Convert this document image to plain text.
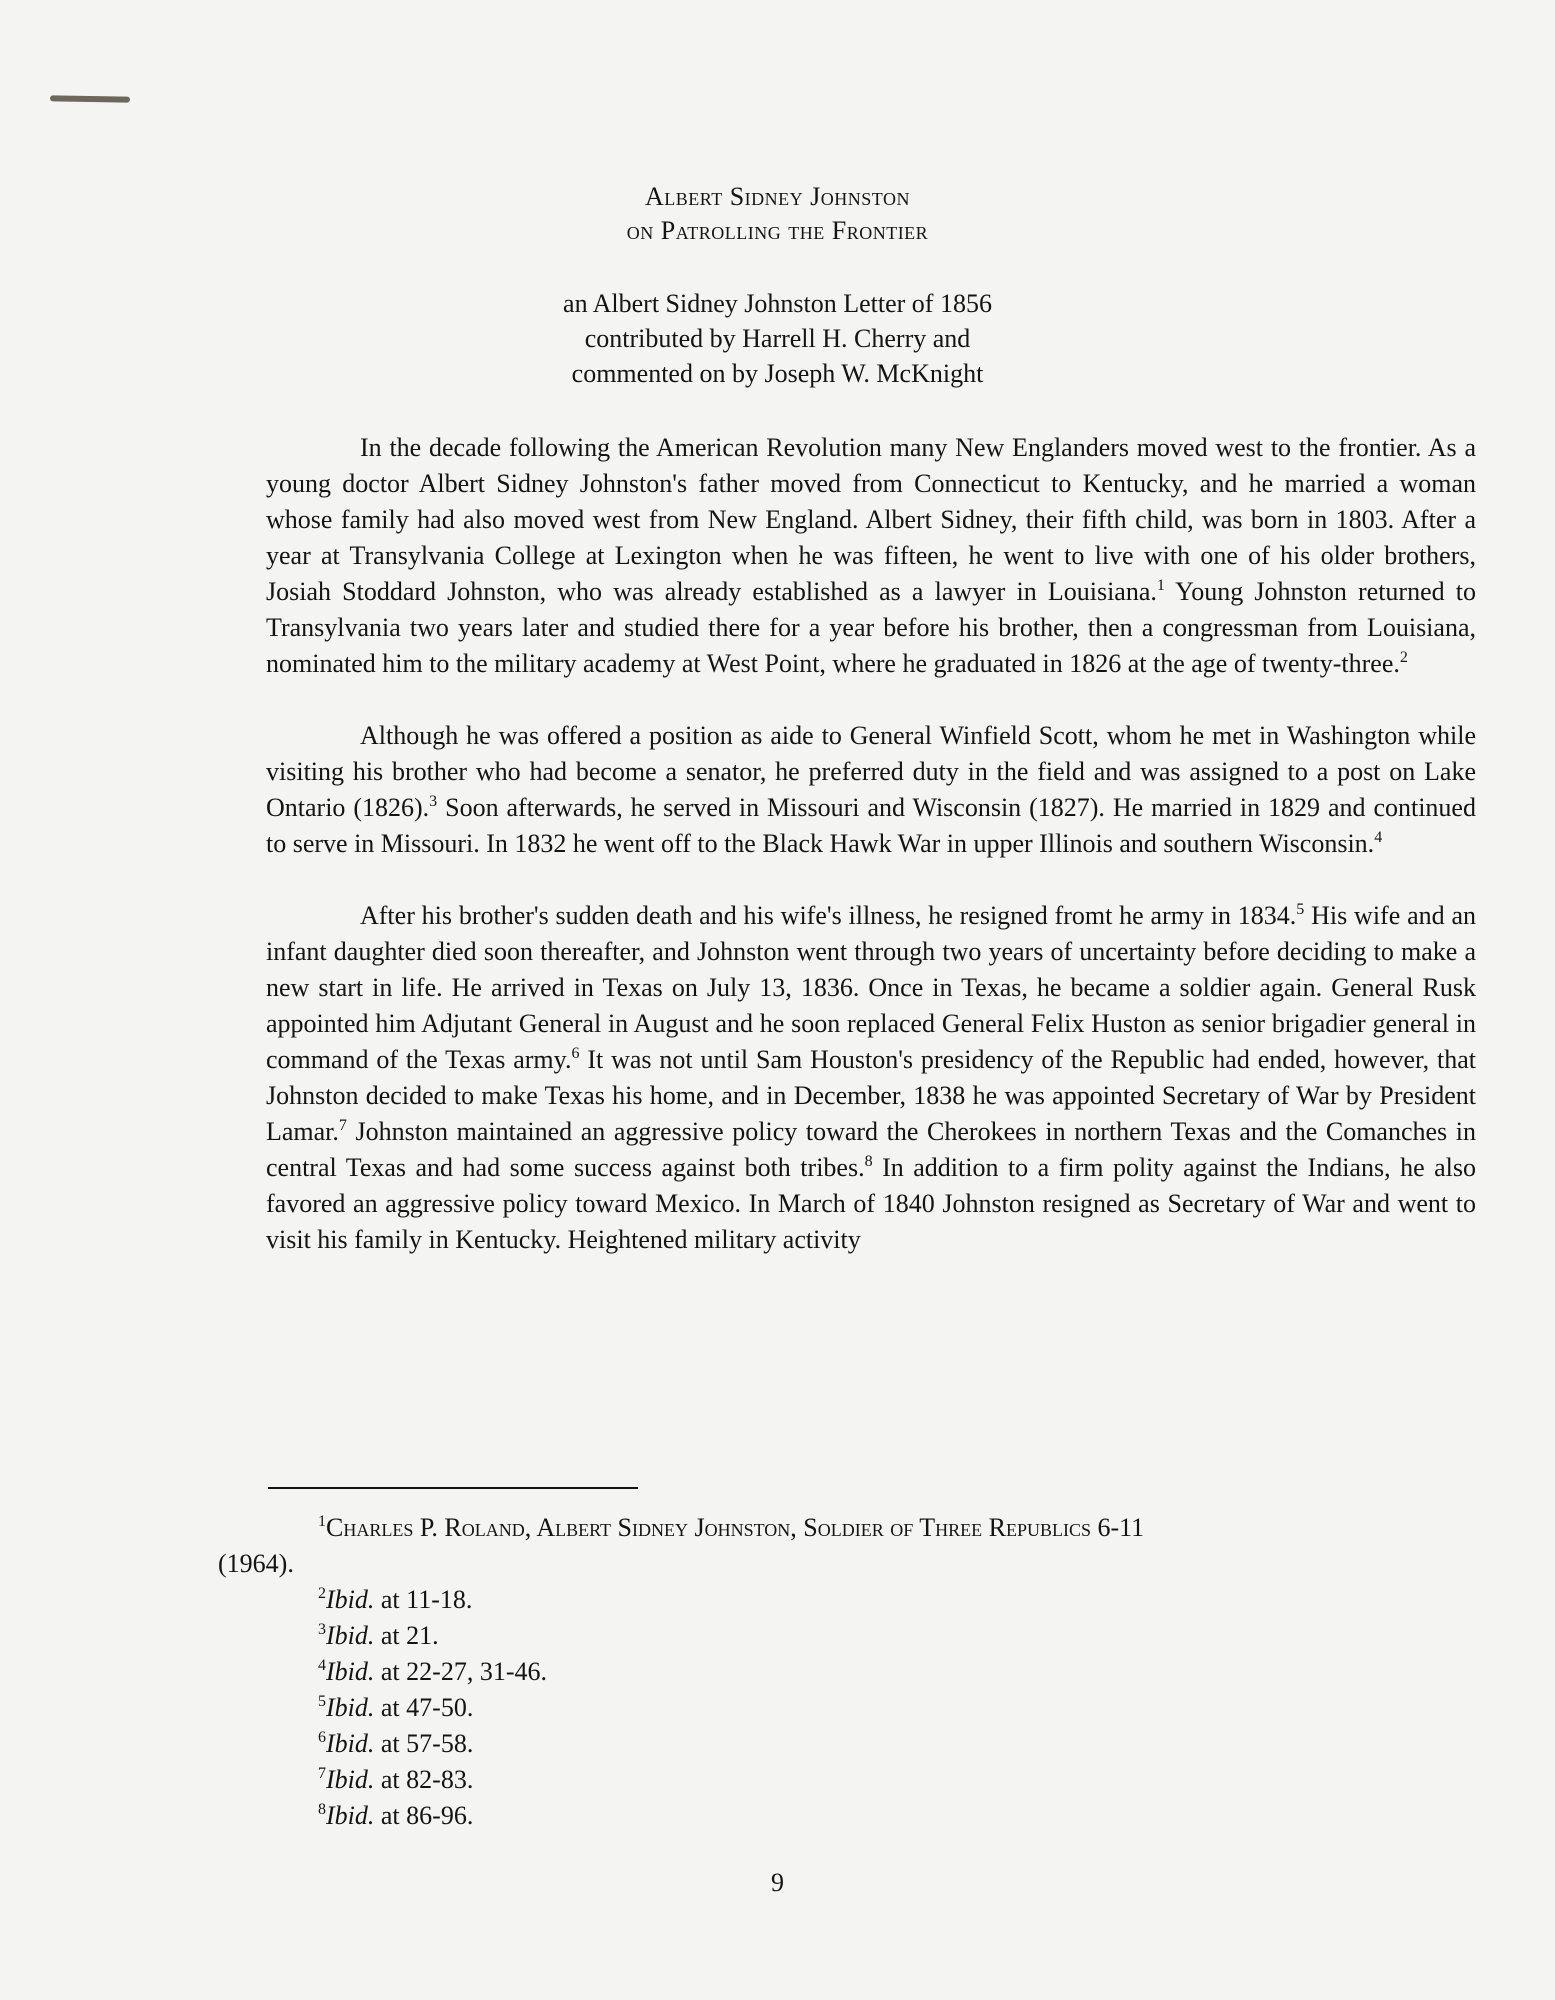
Albert Sidney Johnston
on Patrolling the Frontier
an Albert Sidney Johnston Letter of 1856
contributed by Harrell H. Cherry and
commented on by Joseph W. McKnight

In the decade following the American Revolution many New Englanders moved west to the frontier. As a young doctor Albert Sidney Johnston's father moved from Connecticut to Kentucky, and he married a woman whose family had also moved west from New England. Albert Sidney, their fifth child, was born in 1803. After a year at Transylvania College at Lexington when he was fifteen, he went to live with one of his older brothers, Josiah Stoddard Johnston, who was already established as a lawyer in Louisiana.$^1$ Young Johnston returned to Transylvania two years later and studied there for a year before his brother, then a congressman from Louisiana, nominated him to the military academy at West Point, where he graduated in 1826 at the age of twenty-three.$^2$

Although he was offered a position as aide to General Winfield Scott, whom he met in Washington while visiting his brother who had become a senator, he preferred duty in the field and was assigned to a post on Lake Ontario (1826).$^3$ Soon afterwards, he served in Missouri and Wisconsin (1827). He married in 1829 and continued to serve in Missouri. In 1832 he went off to the Black Hawk War in upper Illinois and southern Wisconsin.$^4$

After his brother's sudden death and his wife's illness, he resigned fromt he army in 1834.$^5$ His wife and an infant daughter died soon thereafter, and Johnston went through two years of uncertainty before deciding to make a new start in life. He arrived in Texas on July 13, 1836. Once in Texas, he became a soldier again. General Rusk appointed him Adjutant General in August and he soon replaced General Felix Huston as senior brigadier general in command of the Texas army.$^6$ It was not until Sam Houston's presidency of the Republic had ended, however, that Johnston decided to make Texas his home, and in December, 1838 he was appointed Secretary of War by President Lamar.$^7$ Johnston maintained an aggressive policy toward the Cherokees in northern Texas and the Comanches in central Texas and had some success against both tribes.$^8$ In addition to a firm polity against the Indians, he also favored an aggressive policy toward Mexico. In March of 1840 Johnston resigned as Secretary of War and went to visit his family in Kentucky. Heightened military activity

$^1$Charles P. Roland, Albert Sidney Johnston, Soldier of Three Republics 6-11
(1964).

$^2$Ibid. at 11-18.

$^3$Ibid. at 21.

$^4$Ibid. at 22-27, 31-46.

$^5$Ibid. at 47-50.

$^6$Ibid. at 57-58.

$^7$Ibid. at 82-83.

$^8$Ibid. at 86-96.

9
